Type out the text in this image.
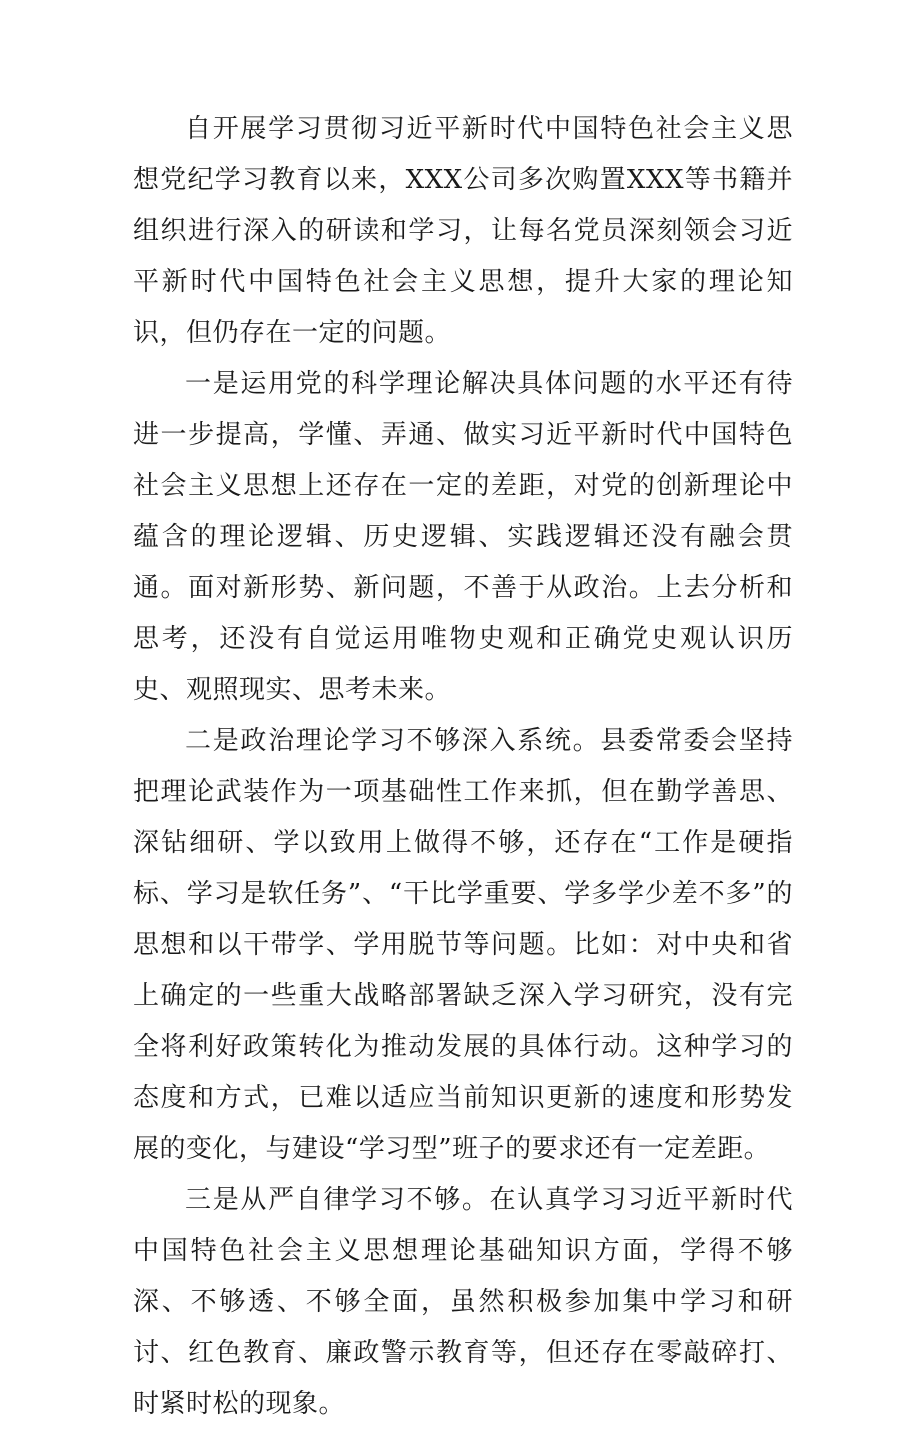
自开展学习贯彻习近平新时代中国特色社会主义思想党纪学习教育以来，XXX公司多次购置XXX等书籍并组织进行深入的研读和学习，让每名党员深刻领会习近平新时代中国特色社会主义思想，提升大家的理论知识，但仍存在一定的问题。

一是运用党的科学理论解决具体问题的水平还有待进一步提高，学懂、弄通、做实习近平新时代中国特色社会主义思想上还存在一定的差距，对党的创新理论中蕴含的理论逻辑、历史逻辑、实践逻辑还没有融会贯通。面对新形势、新问题，不善于从政治。上去分析和思考，还没有自觉运用唯物史观和正确党史观认识历史、观照现实、思考未来。

二是政治理论学习不够深入系统。县委常委会坚持把理论武装作为一项基础性工作来抓，但在勤学善思、深钻细研、学以致用上做得不够，还存在“工作是硬指标、学习是软任务”、“干比学重要、学多学少差不多”的思想和以干带学、学用脱节等问题。比如：对中央和省上确定的一些重大战略部署缺乏深入学习研究，没有完全将利好政策转化为推动发展的具体行动。这种学习的态度和方式，已难以适应当前知识更新的速度和形势发展的变化，与建设“学习型”班子的要求还有一定差距。

三是从严自律学习不够。在认真学习习近平新时代中国特色社会主义思想理论基础知识方面，学得不够深、不够透、不够全面，虽然积极参加集中学习和研讨、红色教育、廉政警示教育等，但还存在零敲碎打、时紧时松的现象。
